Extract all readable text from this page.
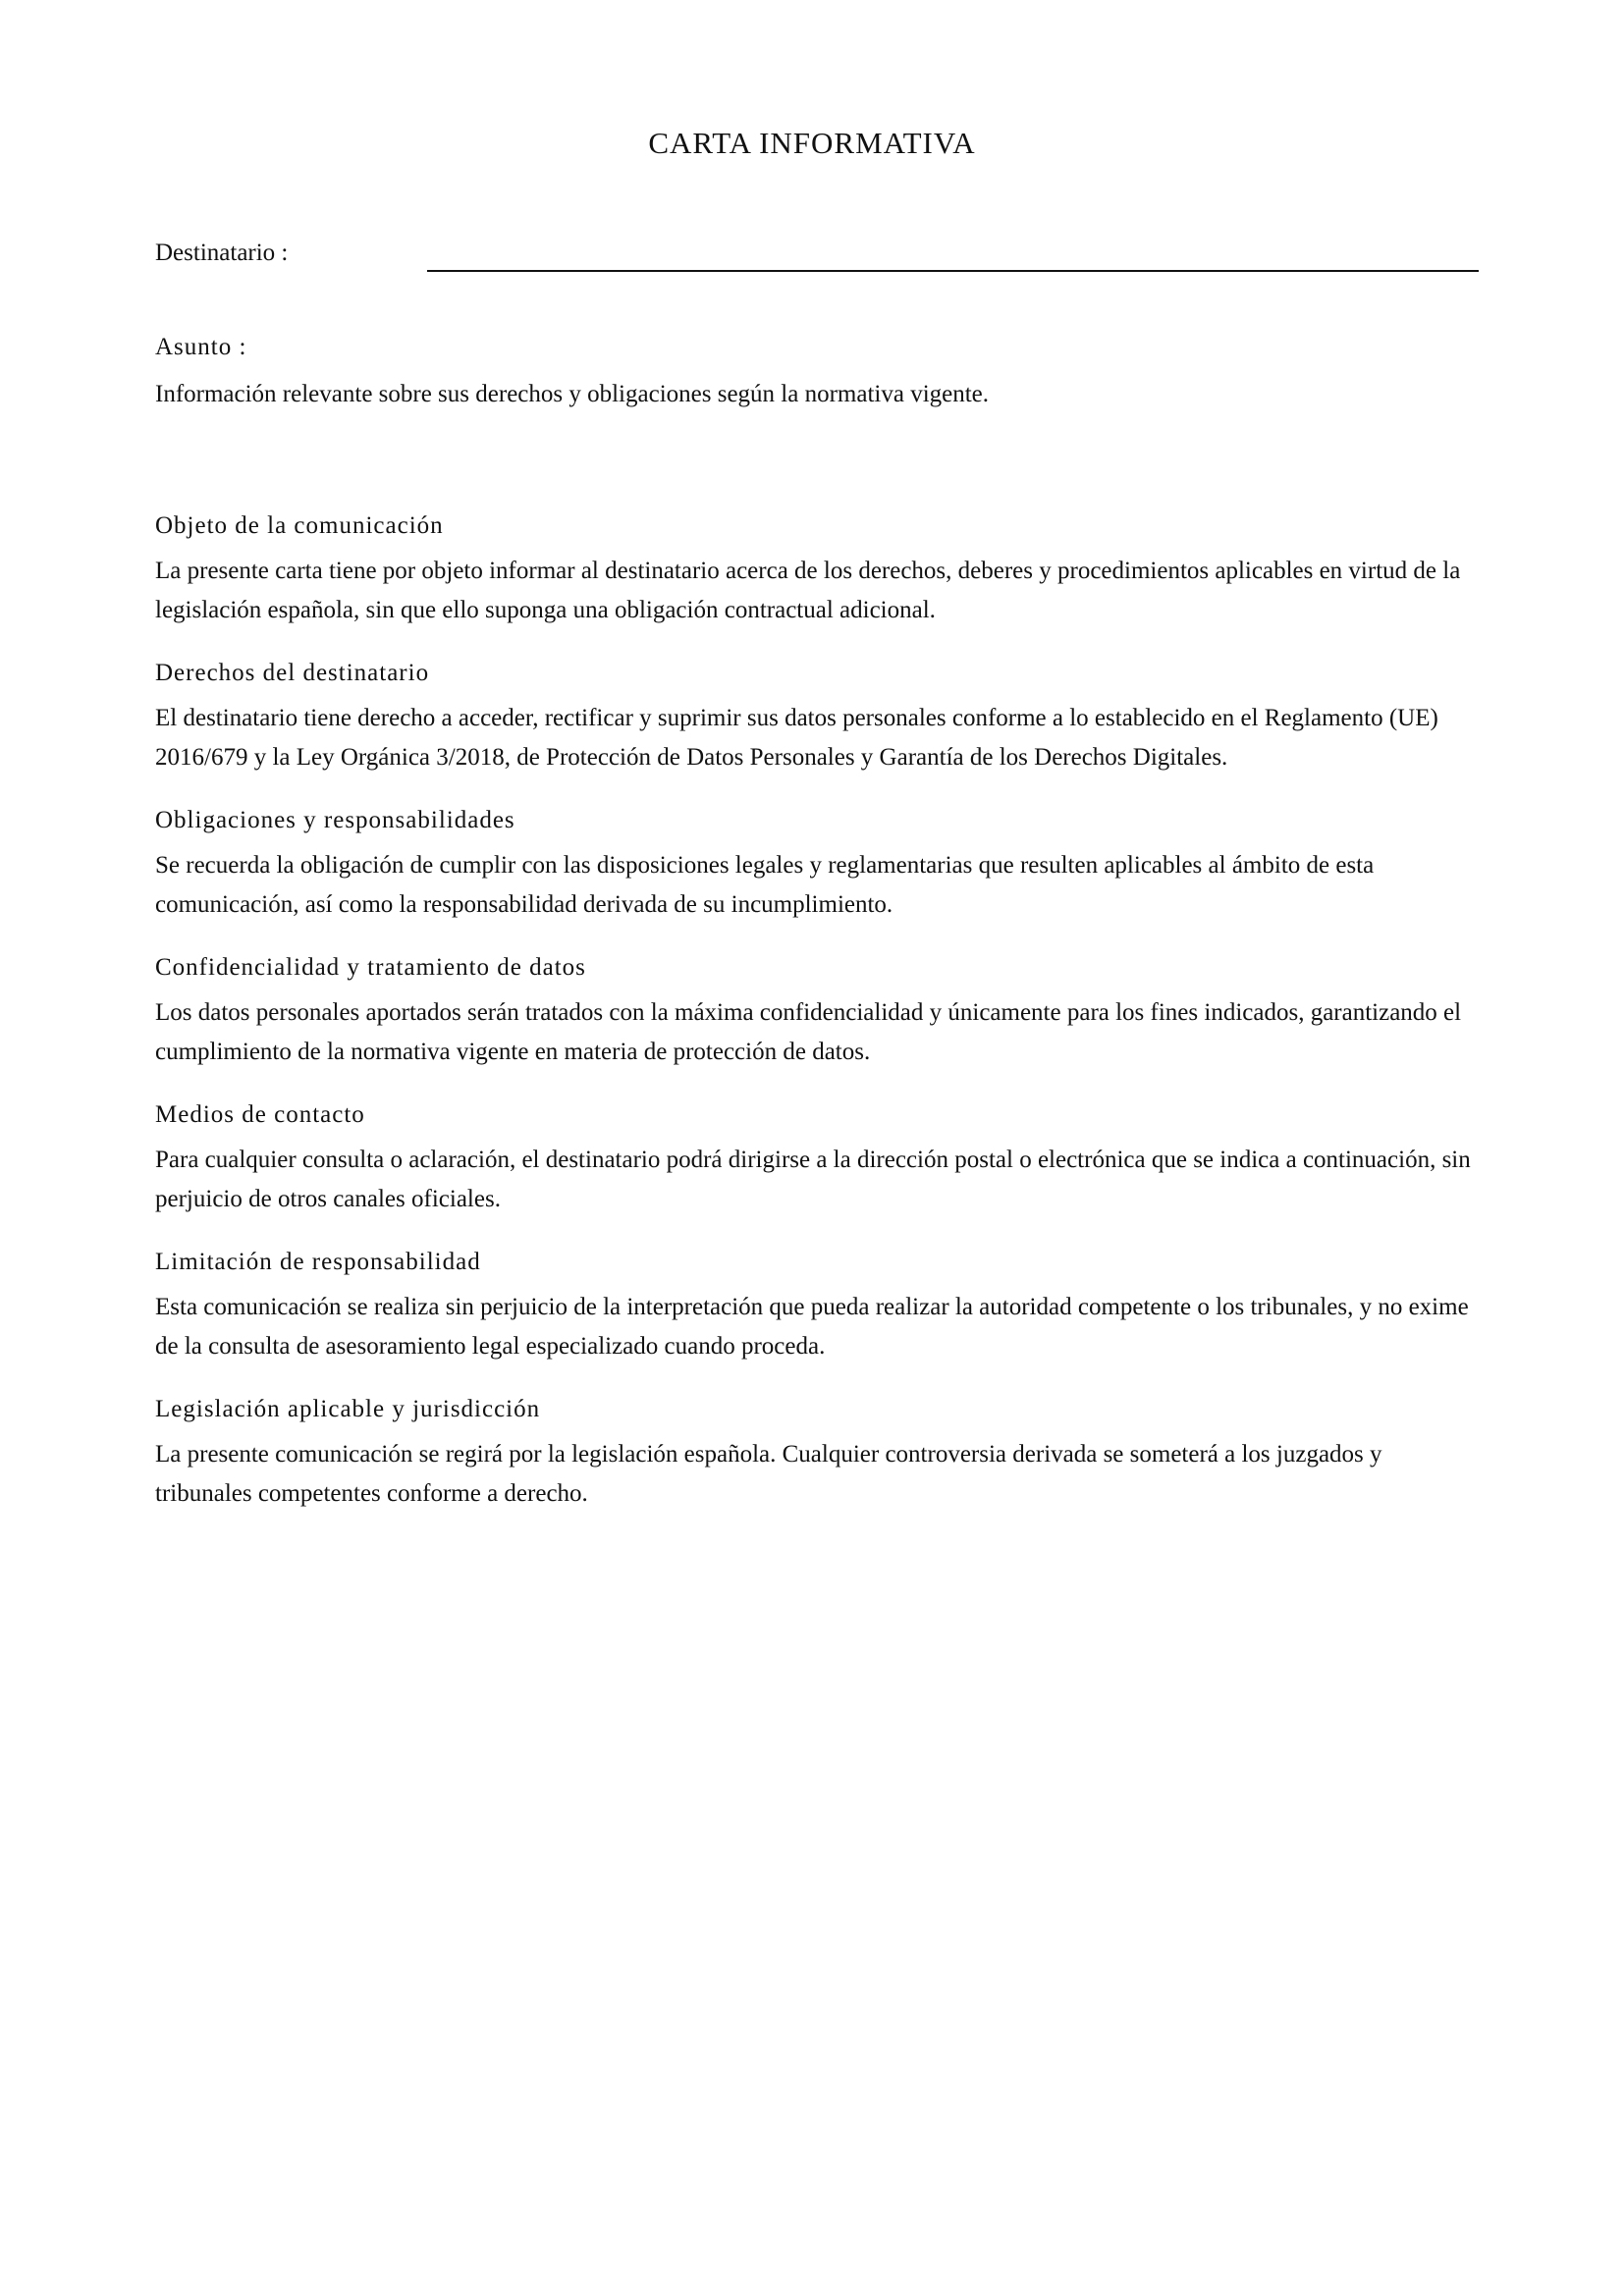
CARTA INFORMATIVA
Destinatario :
Asunto :
Información relevante sobre sus derechos y obligaciones según la normativa vigente.
Objeto de la comunicación

La presente carta tiene por objeto informar al destinatario acerca de los derechos, deberes y procedimientos aplicables en virtud de la legislación española, sin que ello suponga una obligación contractual adicional.

Derechos del destinatario

El destinatario tiene derecho a acceder, rectificar y suprimir sus datos personales conforme a lo establecido en el Reglamento (UE) 2016/679 y la Ley Orgánica 3/2018, de Protección de Datos Personales y Garantía de los Derechos Digitales.

Obligaciones y responsabilidades

Se recuerda la obligación de cumplir con las disposiciones legales y reglamentarias que resulten aplicables al ámbito de esta comunicación, así como la responsabilidad derivada de su incumplimiento.

Confidencialidad y tratamiento de datos

Los datos personales aportados serán tratados con la máxima confidencialidad y únicamente para los fines indicados, garantizando el cumplimiento de la normativa vigente en materia de protección de datos.

Medios de contacto

Para cualquier consulta o aclaración, el destinatario podrá dirigirse a la dirección postal o electrónica que se indica a continuación, sin perjuicio de otros canales oficiales.

Limitación de responsabilidad

Esta comunicación se realiza sin perjuicio de la interpretación que pueda realizar la autoridad competente o los tribunales, y no exime de la consulta de asesoramiento legal especializado cuando proceda.

Legislación aplicable y jurisdicción

La presente comunicación se regirá por la legislación española. Cualquier controversia derivada se someterá a los juzgados y tribunales competentes conforme a derecho.
